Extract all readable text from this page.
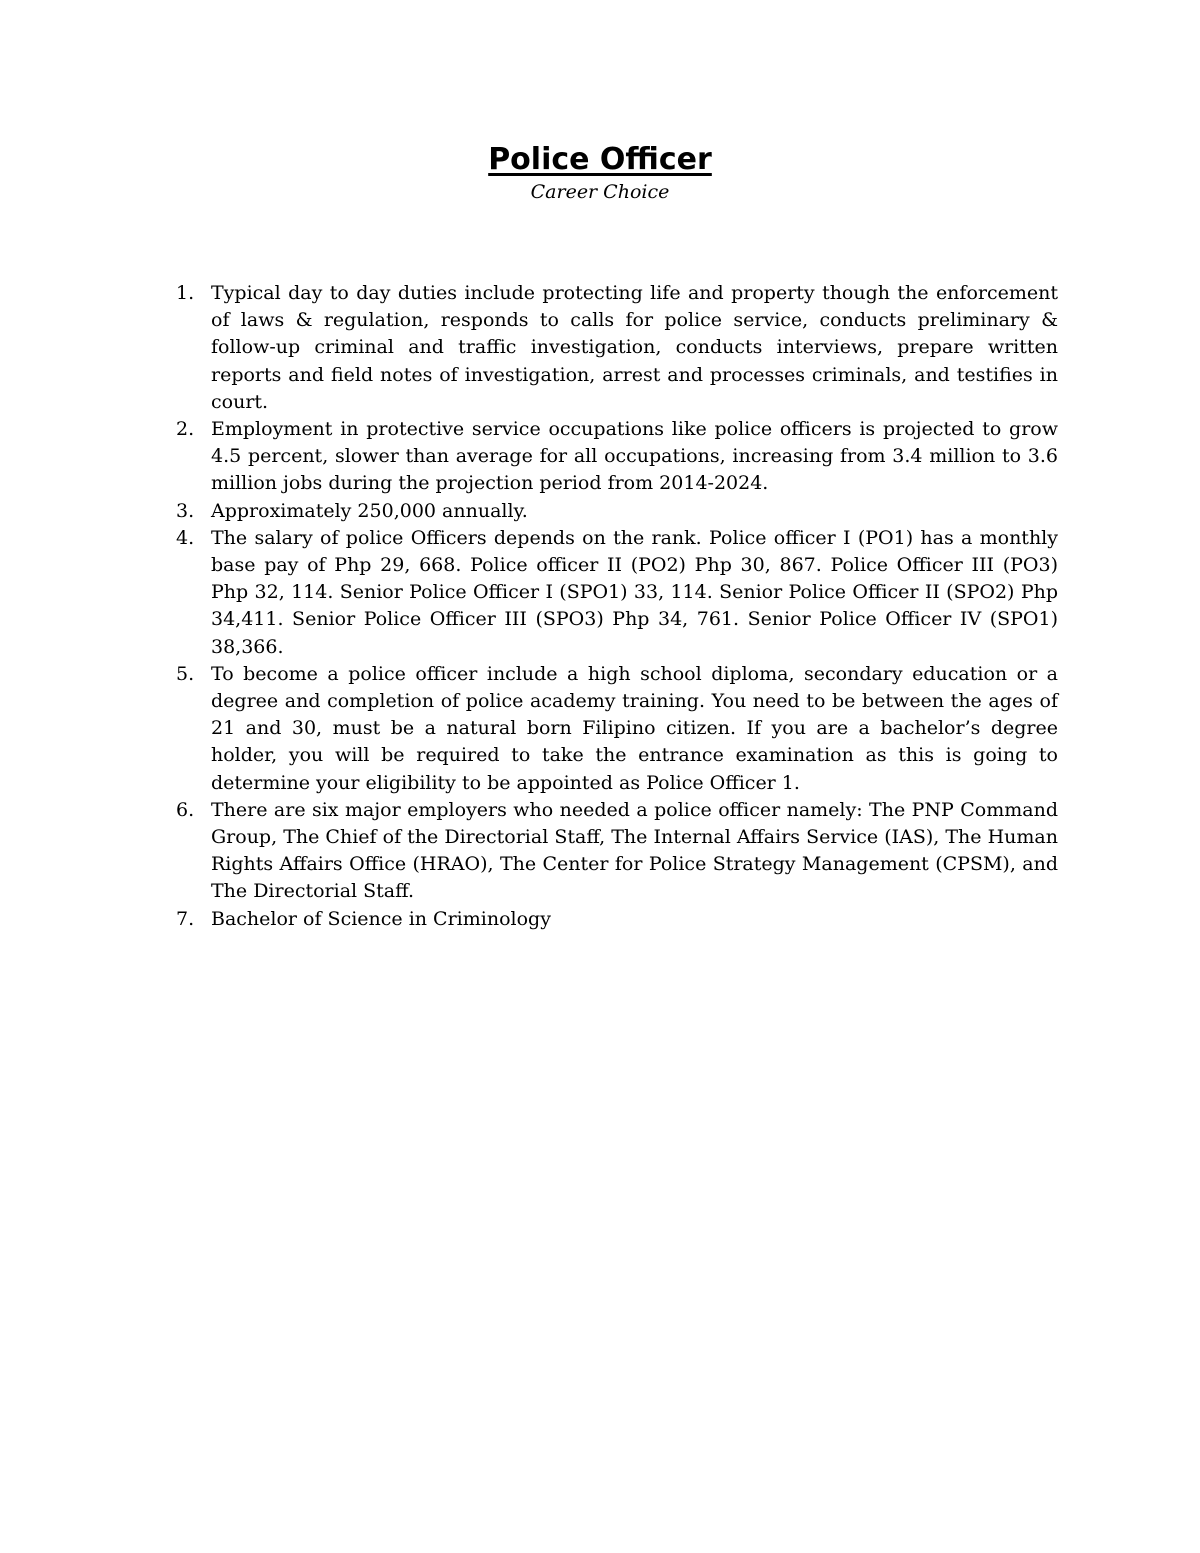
Police Officer
Career Choice
1. Typical day to day duties include protecting life and property though the enforcement of laws & regulation, responds to calls for police service, conducts preliminary & follow-up criminal and traffic investigation, conducts interviews, prepare written reports and field notes of investigation, arrest and processes criminals, and testifies in court.
2. Employment in protective service occupations like police officers is projected to grow 4.5 percent, slower than average for all occupations, increasing from 3.4 million to 3.6 million jobs during the projection period from 2014-2024.
3. Approximately 250,000 annually.
4. The salary of police Officers depends on the rank. Police officer I (PO1) has a monthly base pay of Php 29, 668. Police officer II (PO2) Php 30, 867. Police Officer III (PO3) Php 32, 114. Senior Police Officer I (SPO1) 33, 114. Senior Police Officer II (SPO2) Php 34,411. Senior Police Officer III (SPO3) Php 34, 761. Senior Police Officer IV (SPO1) 38,366.
5. To become a police officer include a high school diploma, secondary education or a degree and completion of police academy training. You need to be between the ages of 21 and 30, must be a natural born Filipino citizen. If you are a bachelor’s degree holder, you will be required to take the entrance examination as this is going to determine your eligibility to be appointed as Police Officer 1.
6. There are six major employers who needed a police officer namely: The PNP Command Group, The Chief of the Directorial Staff, The Internal Affairs Service (IAS), The Human Rights Affairs Office (HRAO), The Center for Police Strategy Management (CPSM), and The Directorial Staff.
7. Bachelor of Science in Criminology
